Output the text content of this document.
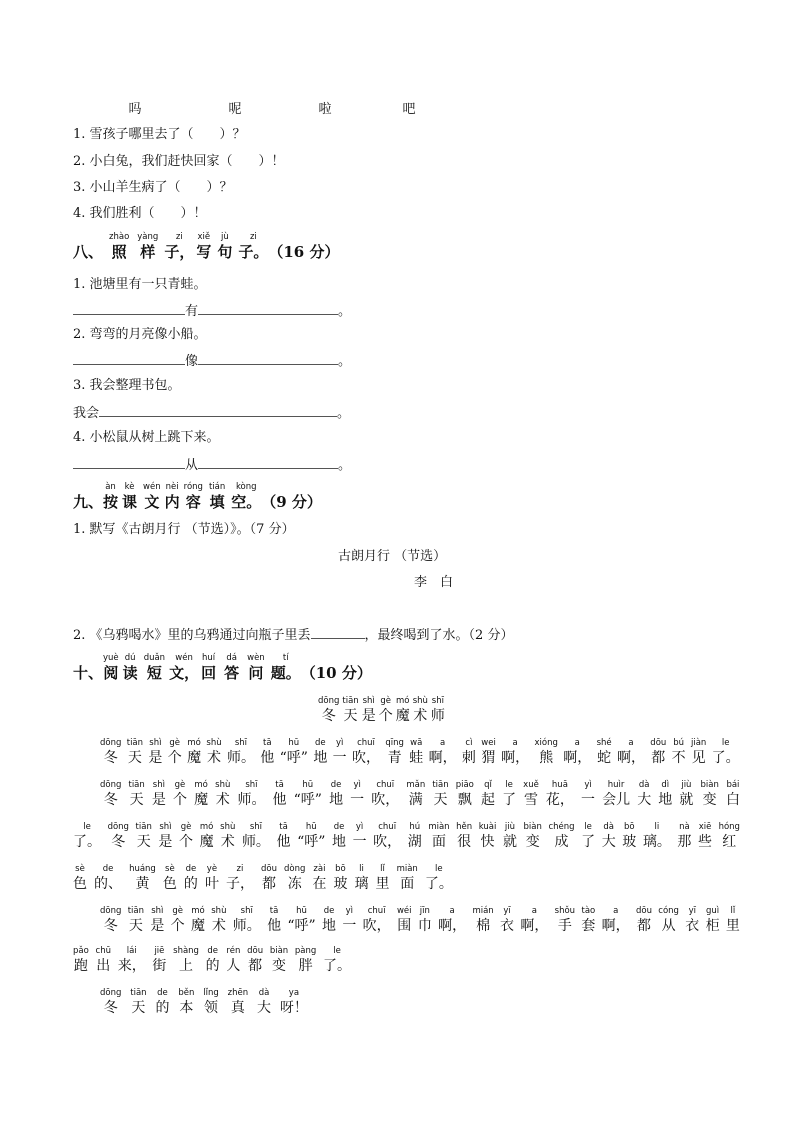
吗	呢	啦	吧
1. 雪孩子哪里去了（　　）？
2. 小白兔，我们赶快回家（　　）！
3. 小山羊生病了（　　）？
4. 我们胜利（　　）！
八、
zhào
照
yàng
样
zi
子，
xiě
写
jù
句
zi
子。 （16 分）
1. 池塘里有一只青蛙。
有	。
2. 弯弯的月亮像小船。
像	。
3. 我会整理书包。
我会	。
4. 小松鼠从树上跳下来。
从	。
九、
àn
按
kè
课
wén
文
nèi
内
róng
容
tián
填
kòng
空。 （9 分）
1. 默写《古朗月行 （节选）》。（7 分）
古朗月行 （节选）
李　白
2. 《乌鸦喝水》里的乌鸦通过向瓶子里丢	，最终喝到了水。（2 分）
十、
yuè
阅
dú
读
duǎn
短
wén
文，
huí
回
dá
答
wèn
问
tí
题。 （10 分）
dōng
冬
tiān
天
shì
是
gè
个
mó
魔
shù
术
shī
师
dōng
冬
tiān
天
shì
是
gè
个
mó
魔
shù
术
shī
师。
tā
他
hū
“呼”
de
地
yì
一
chuī
吹，
qīng
青
wā
蛙
a
啊，
cì
刺
wei
猬
a
啊，
xióng
熊
a
啊，
shé
蛇
a
啊，
dōu
都
bú
不
jiàn
见
le
了。
dōng
冬
tiān
天
shì
是
gè
个
mó
魔
shù
术
shī
师。
tā
他
hū
“呼”
de
地
yì
一
chuī
吹，
mǎn
满
tiān
天
piāo
飘
qǐ
起
le
了
xuě
雪
huā
花，
yì
一
huìr
会儿
dà
大
dì
地
jiù
就
biàn
变
bái
白
le
了。
dōng
冬
tiān
天
shì
是
gè
个
mó
魔
shù
术
shī
师。
tā
他
hū
“呼”
de
地
yì
一
chuī
吹，
hú
湖
miàn
面
hěn
很
kuài
快
jiù
就
biàn
变
chéng
成
le
了
dà
大
bō
玻
li
璃。
nà
那
xiē
些
hóng
红
sè
色
de
的、
huáng
黄
sè
色
de
的
yè
叶
zi
子，
dōu
都
dòng
冻
zài
在
bō
玻
li
璃
lǐ
里
miàn
面
le
了。
dōng
冬
tiān
天
shì
是
gè
个
mó
魔
shù
术
shī
师。
tā
他
hū
“呼”
de
地
yì
一
chuī
吹，
wéi
围
jīn
巾
a
啊，
mián
棉
yī
衣
a
啊，
shǒu
手
tào
套
a
啊，
dōu
都
cóng
从
yī
衣
guì
柜
lǐ
里
pǎo
跑
chū
出
lái
来，
jiē
街
shàng
上
de
的
rén
人
dōu
都
biàn
变
pàng
胖
le
了。
dōng
冬
tiān
天
de
的
běn
本
lǐng
领
zhēn
真
dà
大
ya
呀！
